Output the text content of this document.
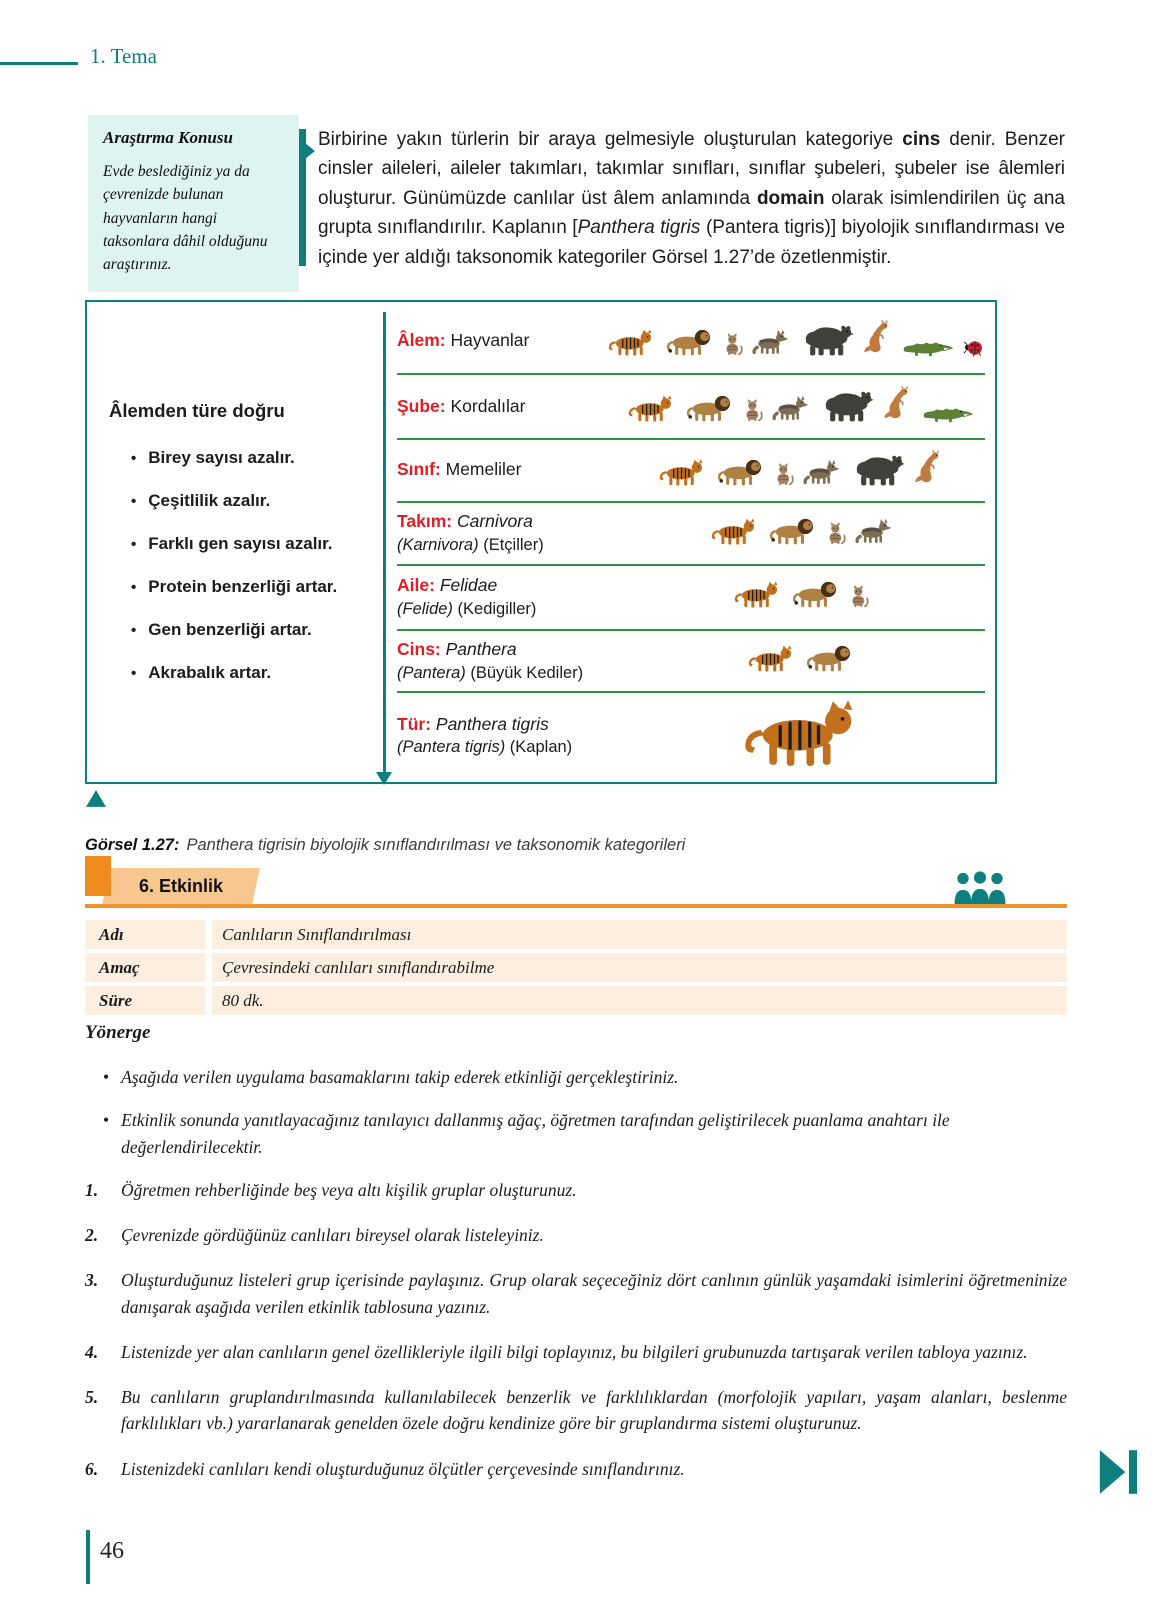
1. Tema
Araştırma Konusu
Evde beslediğiniz ya da çevrenizde bulunan hayvanların hangi taksonlara dâhil olduğunu araştırınız.

Birbirine yakın türlerin bir araya gelmesiyle oluşturulan kategoriye cins denir. Benzer cinsler aileleri, aileler takımları, takımlar sınıfları, sınıflar şubeleri, şubeler ise âlemleri oluşturur. Günümüzde canlılar üst âlem anlamında domain olarak isimlendirilen üç ana grupta sınıflandırılır. Kaplanın [Panthera tigris (Pantera tigris)] biyolojik sınıflandırması ve içinde yer aldığı taksonomik kategoriler Görsel 1.27’de özetlenmiştir.

Âlemden türe doğru
• Birey sayısı azalır.
• Çeşitlilik azalır.
• Farklı gen sayısı azalır.
• Protein benzerliği artar.
• Gen benzerliği artar.
• Akrabalık artar.
Âlem: Hayvanlar
Şube: Kordalılar
Sınıf: Memeliler
Takım: Carnivora
(Karnivora) (Etçiller)
Aile: Felidae
(Felide) (Kedigiller)
Cins: Panthera
(Pantera) (Büyük Kediler)
Tür: Panthera tigris
(Pantera tigris) (Kaplan)
Görsel 1.27: Panthera tigrisin biyolojik sınıflandırılması ve taksonomik kategorileri
6. Etkinlik
Adı	Canlıların Sınıflandırılması
Amaç	Çevresindeki canlıları sınıflandırabilme
Süre	80 dk.
Yönerge
• Aşağıda verilen uygulama basamaklarını takip ederek etkinliği gerçekleştiriniz.
• Etkinlik sonunda yanıtlayacağınız tanılayıcı dallanmış ağaç, öğretmen tarafından geliştirilecek puanlama anahtarı ile değerlendirilecektir.
1.	Öğretmen rehberliğinde beş veya altı kişilik gruplar oluşturunuz.
2.	Çevrenizde gördüğünüz canlıları bireysel olarak listeleyiniz.
3.	Oluşturduğunuz listeleri grup içerisinde paylaşınız. Grup olarak seçeceğiniz dört canlının günlük yaşamdaki isimlerini öğretmeninize danışarak aşağıda verilen etkinlik tablosuna yazınız.
4.	Listenizde yer alan canlıların genel özellikleriyle ilgili bilgi toplayınız, bu bilgileri grubunuzda tartışarak verilen tabloya yazınız.
5.	Bu canlıların gruplandırılmasında kullanılabilecek benzerlik ve farklılıklardan (morfolojik yapıları, yaşam alanları, beslenme farklılıkları vb.) yararlanarak genelden özele doğru kendinize göre bir gruplandırma sistemi oluşturunuz.
6.	Listenizdeki canlıları kendi oluşturduğunuz ölçütler çerçevesinde sınıflandırınız.
46
